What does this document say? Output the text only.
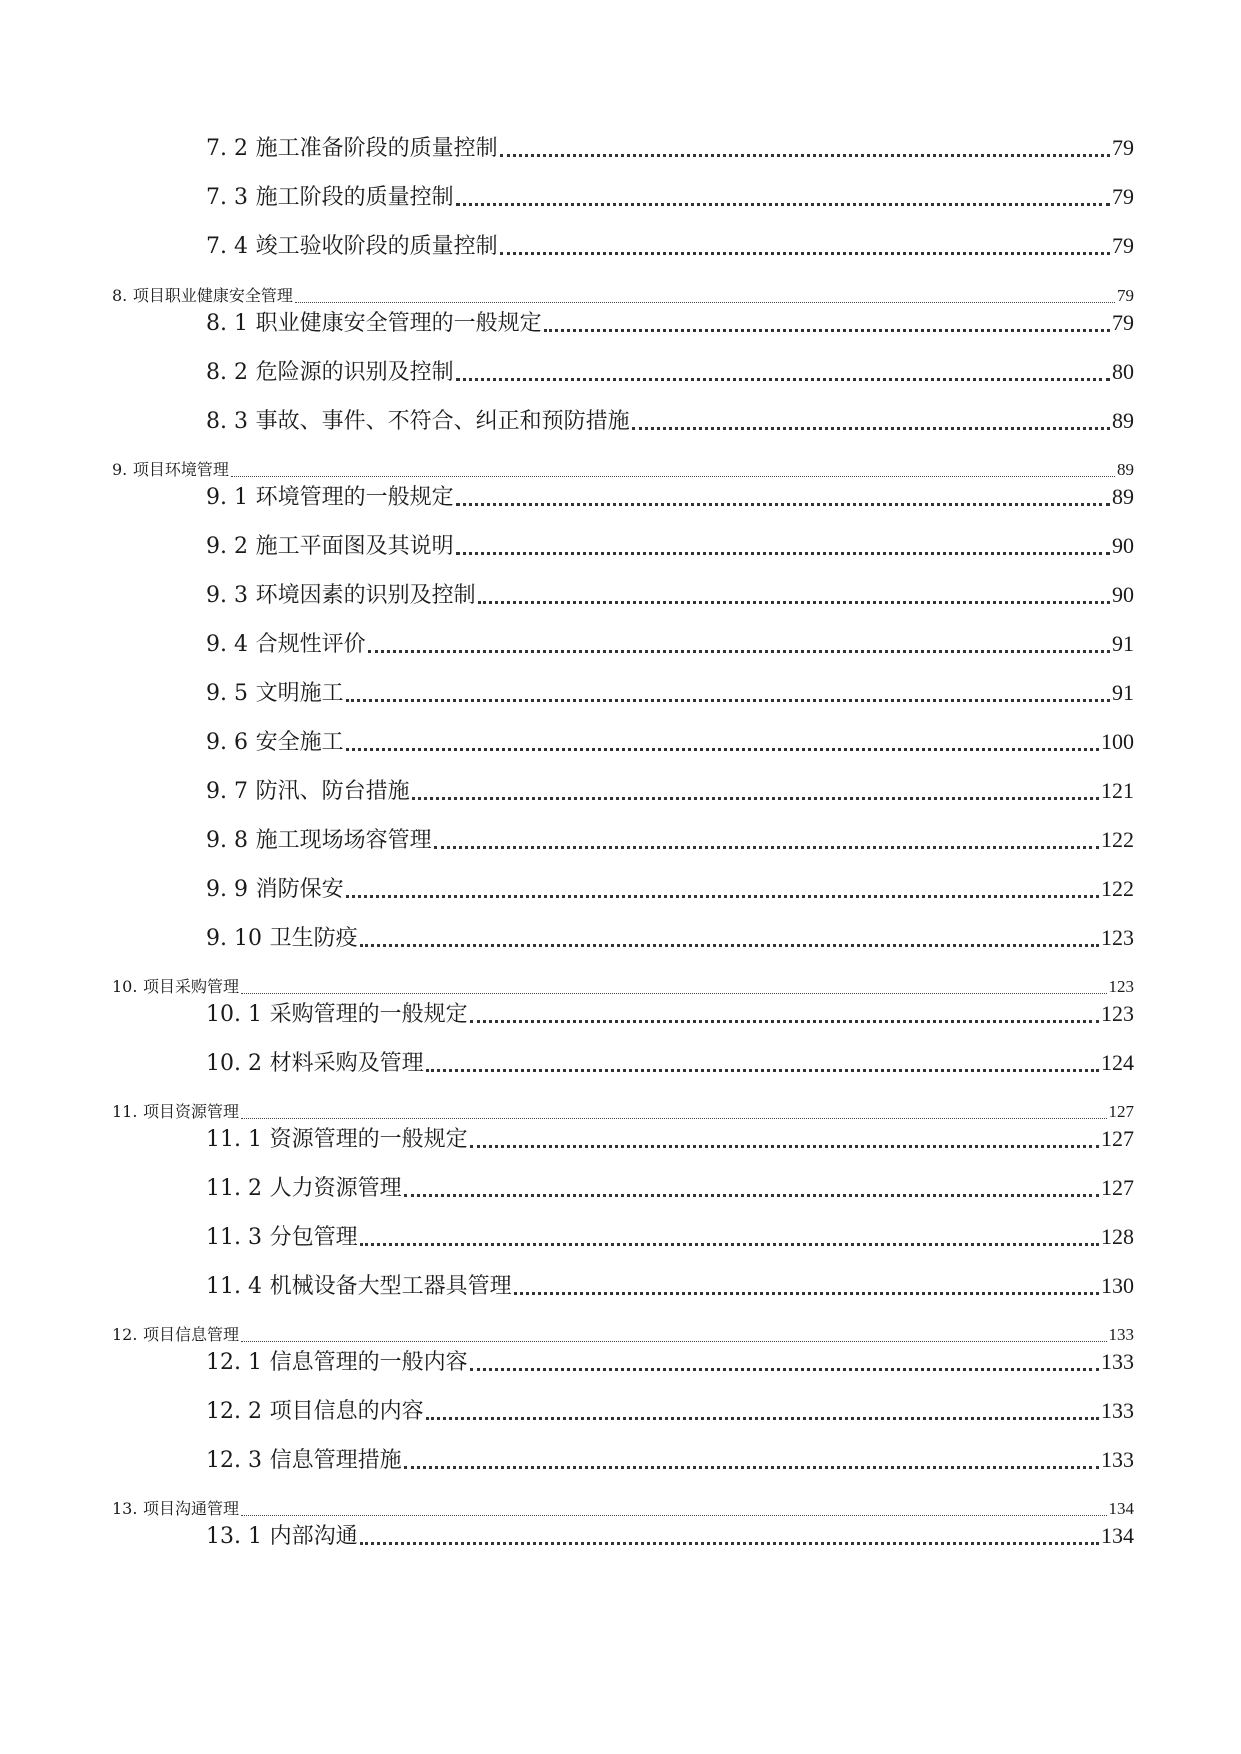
7. 2 施工准备阶段的质量控制	79
7. 3 施工阶段的质量控制	79
7. 4 竣工验收阶段的质量控制	79
8. 项目职业健康安全管理	79
8. 1 职业健康安全管理的一般规定	79
8. 2 危险源的识别及控制	80
8. 3 事故、事件、不符合、纠正和预防措施	89
9. 项目环境管理	89
9. 1 环境管理的一般规定	89
9. 2 施工平面图及其说明	90
9. 3 环境因素的识别及控制	90
9. 4 合规性评价	91
9. 5 文明施工	91
9. 6 安全施工	100
9. 7 防汛、防台措施	121
9. 8 施工现场场容管理	122
9. 9 消防保安	122
9. 10 卫生防疫	123
10. 项目采购管理	123
10. 1 采购管理的一般规定	123
10. 2 材料采购及管理	124
11. 项目资源管理	127
11. 1 资源管理的一般规定	127
11. 2 人力资源管理	127
11. 3 分包管理	128
11. 4 机械设备大型工器具管理	130
12. 项目信息管理	133
12. 1 信息管理的一般内容	133
12. 2 项目信息的内容	133
12. 3 信息管理措施	133
13. 项目沟通管理	134
13. 1 内部沟通	134
